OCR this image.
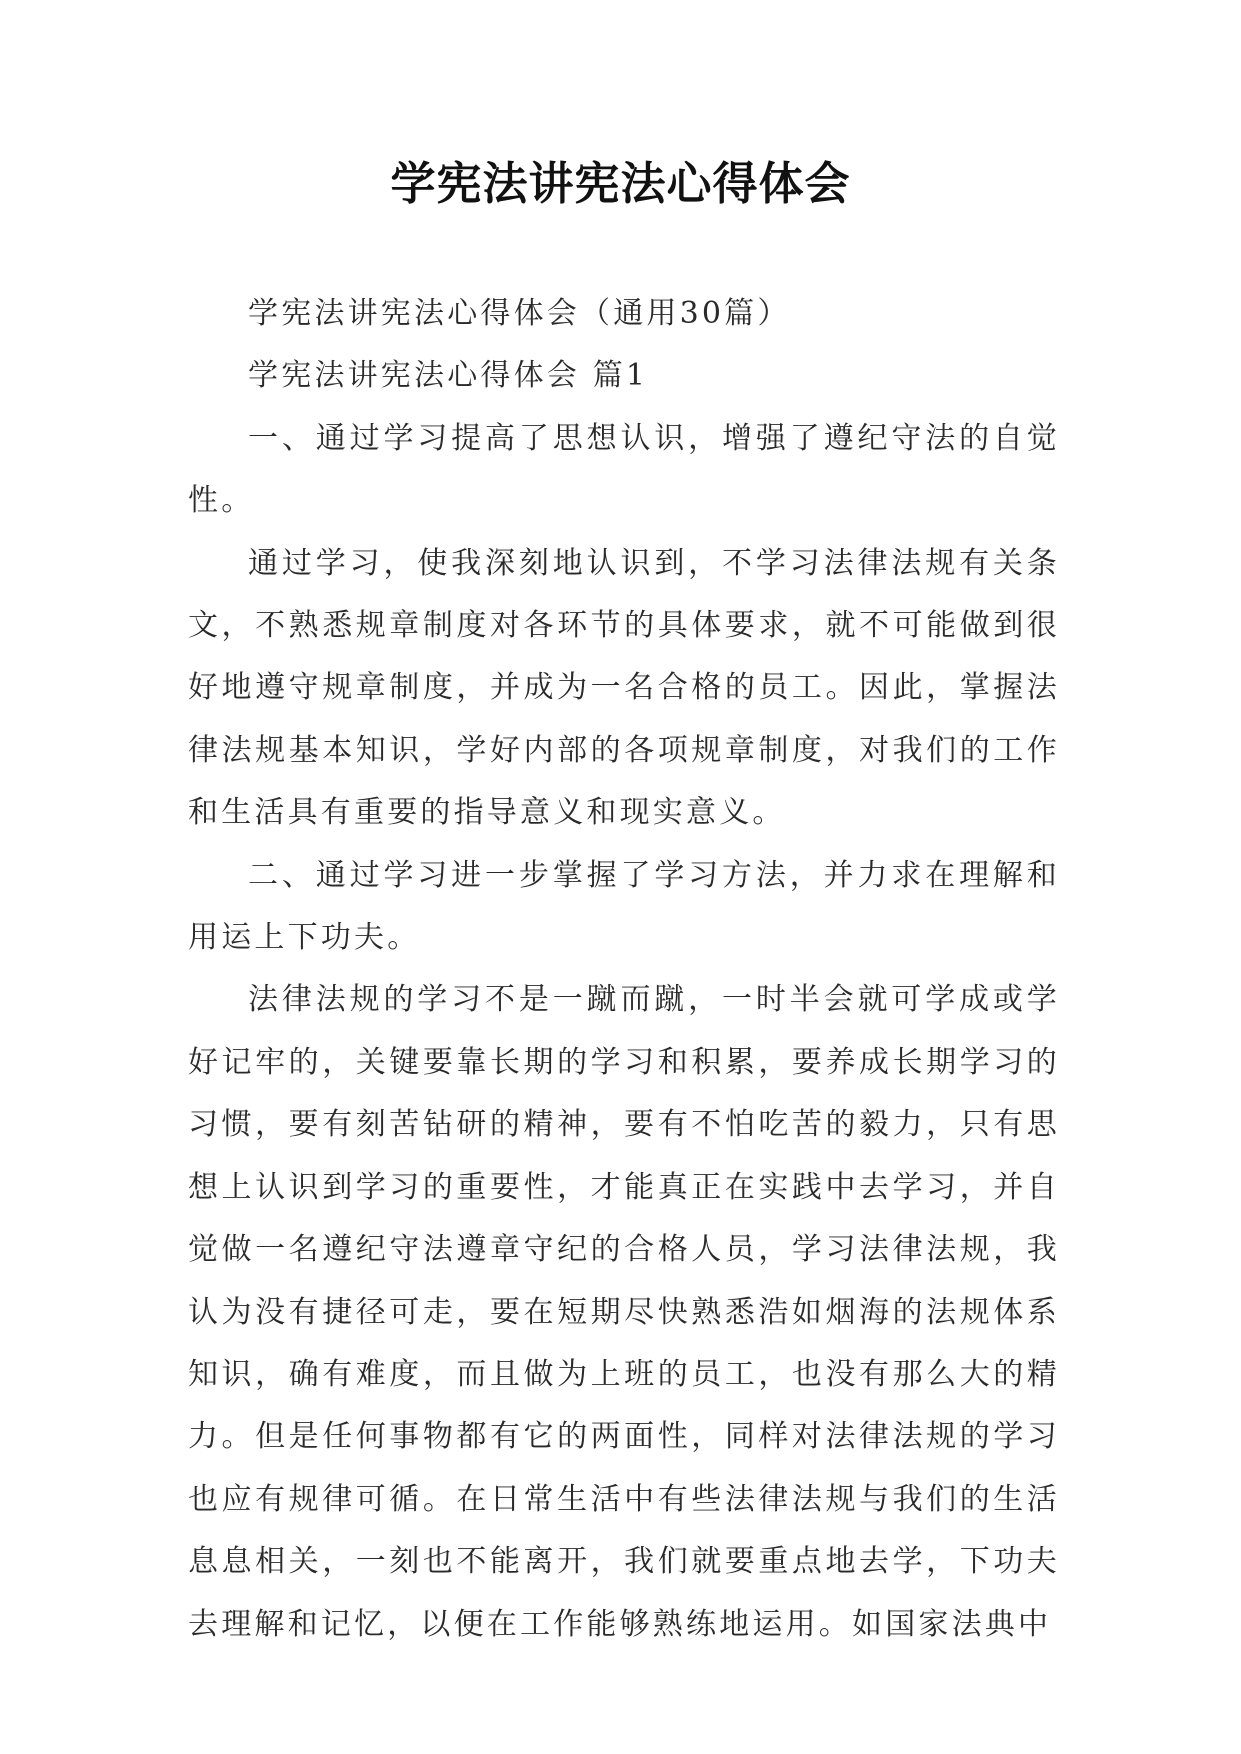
学宪法讲宪法心得体会

学宪法讲宪法心得体会（通用30篇）

学宪法讲宪法心得体会 篇1

一、通过学习提高了思想认识，增强了遵纪守法的自觉性。

通过学习，使我深刻地认识到，不学习法律法规有关条文，不熟悉规章制度对各环节的具体要求，就不可能做到很好地遵守规章制度，并成为一名合格的员工。因此，掌握法律法规基本知识，学好内部的各项规章制度，对我们的工作和生活具有重要的指导意义和现实意义。

二、通过学习进一步掌握了学习方法，并力求在理解和用运上下功夫。

法律法规的学习不是一蹴而蹴，一时半会就可学成或学好记牢的，关键要靠长期的学习和积累，要养成长期学习的习惯，要有刻苦钻研的精神，要有不怕吃苦的毅力，只有思想上认识到学习的重要性，才能真正在实践中去学习，并自觉做一名遵纪守法遵章守纪的合格人员，学习法律法规，我认为没有捷径可走，要在短期尽快熟悉浩如烟海的法规体系知识，确有难度，而且做为上班的员工，也没有那么大的精力。但是任何事物都有它的两面性，同样对法律法规的学习也应有规律可循。在日常生活中有些法律法规与我们的生活息息相关，一刻也不能离开，我们就要重点地去学，下功夫去理解和记忆，以便在工作能够熟练地运用。如国家法典中
